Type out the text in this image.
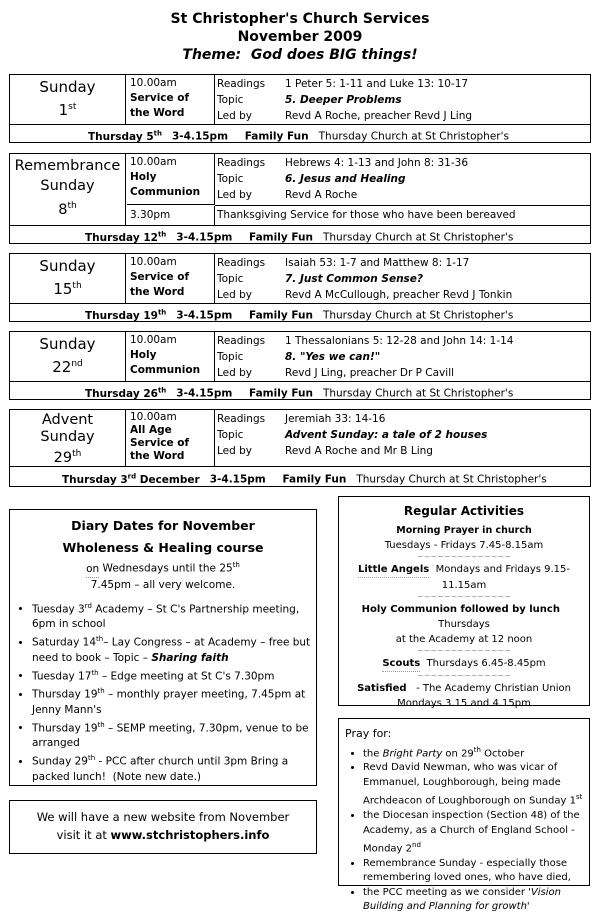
St Christopher's Church Services
November 2009
Theme: God does BIG things!
Sunday
1st
10.00am
Service of
the Word
Readings
Topic
Led by
1 Peter 5: 1-11 and Luke 13: 10-17
5. Deeper Problems
Revd A Roche, preacher Revd J Ling
Thursday 5th 3-4.15pm Family Fun Thursday Church at St Christopher's
Remembrance
Sunday
8th
10.00am
Holy
Communion
Readings
Topic
Led by
Hebrews 4: 1-13 and John 8: 31-36
6. Jesus and Healing
Revd A Roche
3.30pm	Thanksgiving Service for those who have been bereaved
Thursday 12th 3-4.15pm Family Fun Thursday Church at St Christopher's
Sunday
15th
10.00am
Service of
the Word
Readings
Topic
Led by
Isaiah 53: 1-7 and Matthew 8: 1-17
7. Just Common Sense?
Revd A McCullough, preacher Revd J Tonkin
Thursday 19th 3-4.15pm Family Fun Thursday Church at St Christopher's
Sunday
22nd
10.00am
Holy
Communion
Readings
Topic
Led by
1 Thessalonians 5: 12-28 and John 14: 1-14
8. "Yes we can!"
Revd J Ling, preacher Dr P Cavill
Thursday 26th 3-4.15pm Family Fun Thursday Church at St Christopher's
Advent
Sunday
29th
10.00am
All Age
Service of
the Word
Readings
Topic
Led by
Jeremiah 33: 14-16
Advent Sunday: a tale of 2 houses
Revd A Roche and Mr B Ling
Thursday 3rd December 3-4.15pm Family Fun Thursday Church at St Christopher's
Diary Dates for November
Wholeness & Healing course
on Wednesdays until the 25th
7.45pm – all very welcome.
• Tuesday 3rd Academy – St C's Partnership meeting, 6pm in school
• Saturday 14th– Lay Congress – at Academy – free but need to book – Topic – Sharing faith
• Tuesday 17th – Edge meeting at St C's 7.30pm
• Thursday 19th – monthly prayer meeting, 7.45pm at  Jenny Mann's
• Thursday 19th – SEMP meeting, 7.30pm, venue to be arranged
• Sunday 29th - PCC after church until 3pm Bring a packed lunch!  (Note new date.)
We will have a new website from November
visit it at www.stchristophers.info
Regular Activities
Morning Prayer in church
Tuesdays - Fridays 7.45-8.15am
~~~~~~~~~~~~~~
Little Angels Mondays and Fridays 9.15-11.15am
~~~~~~~~~~~~~~
Holy Communion followed by lunch   Thursdays
at the Academy at 12 noon
~~~~~~~~~~~~~~
Scouts Thursdays 6.45-8.45pm
~~~~~~~~~~~~~~
Satisfied - The Academy Christian Union
Mondays 3.15 and 4.15pm
Pray for:
• the Bright Party on 29th October
• Revd David Newman, who was vicar of Emmanuel, Loughborough, being made Archdeacon of Loughborough on Sunday 1st
• the Diocesan inspection (Section 48) of the Academy, as a Church of England School - Monday 2nd
• Remembrance Sunday - especially those remembering loved ones, who have died,
• the PCC meeting as we consider 'Vision Building and Planning for growth'
